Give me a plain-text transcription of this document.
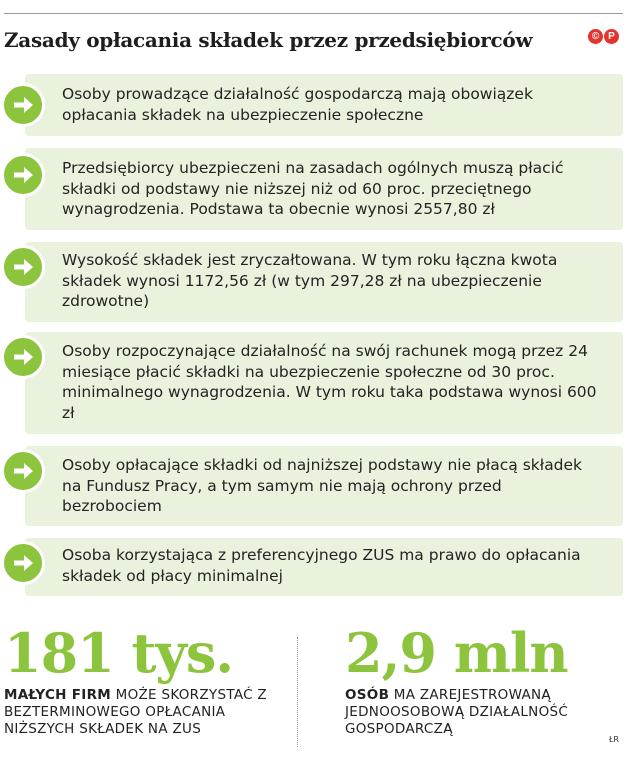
Zasady opłacania składek przez przedsiębiorców	© P
Osoby prowadzące działalność gospodarczą mają obowiązek opłacania składek na ubezpieczenie społeczne
Przedsiębiorcy ubezpieczeni na zasadach ogólnych muszą płacić składki od podstawy nie niższej niż od 60 proc. przeciętnego wynagrodzenia. Podstawa ta obecnie wynosi 2557,80 zł
Wysokość składek jest zryczałtowana. W tym roku łączna kwota składek wynosi 1172,56 zł (w tym 297,28 zł na ubezpieczenie zdrowotne)
Osoby rozpoczynające działalność na swój rachunek mogą przez 24 miesiące płacić składki na ubezpieczenie społeczne od 30 proc. minimalnego wynagrodzenia. W tym roku taka podstawa wynosi 600 zł
Osoby opłacające składki od najniższej podstawy nie płacą składek na Fundusz Pracy, a tym samym nie mają ochrony przed bezrobociem
Osoba korzystająca z preferencyjnego ZUS ma prawo do opłacania składek od płacy minimalnej
181 tys.
MAŁYCH FIRM MOŻE SKORZYSTAĆ Z BEZTERMINOWEGO OPŁACANIA NIŻSZYCH SKŁADEK NA ZUS
2,9 mln
OSÓB MA ZAREJESTROWANĄ JEDNOOSOBOWĄ DZIAŁALNOŚĆ GOSPODARCZĄ
ŁR
